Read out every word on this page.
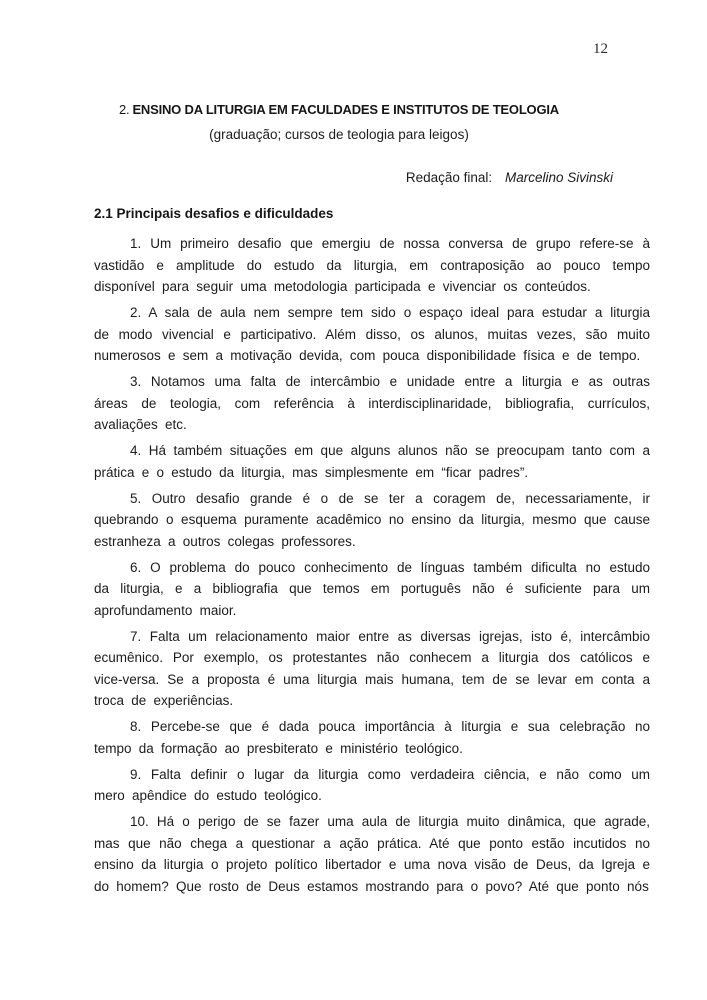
12
2. ENSINO DA LITURGIA EM FACULDADES E INSTITUTOS DE TEOLOGIA
(graduação; cursos de teologia para leigos)
Redação final: Marcelino Sivinski
2.1 Principais desafios e dificuldades

1. Um primeiro desafio que emergiu de nossa conversa de grupo refere-se à vastidão e amplitude do estudo da liturgia, em contraposição ao pouco tempo disponível para seguir uma metodologia participada e vivenciar os conteúdos.

2. A sala de aula nem sempre tem sido o espaço ideal para estudar a liturgia de modo vivencial e participativo. Além disso, os alunos, muitas vezes, são muito numerosos e sem a motivação devida, com pouca disponibilidade física e de tempo.

3. Notamos uma falta de intercâmbio e unidade entre a liturgia e as outras áreas de teologia, com referência à interdisciplinaridade, bibliografia, currículos, avaliações etc.

4. Há também situações em que alguns alunos não se preocupam tanto com a prática e o estudo da liturgia, mas simplesmente em “ficar padres”.

5. Outro desafio grande é o de se ter a coragem de, necessariamente, ir quebrando o esquema puramente acadêmico no ensino da liturgia, mesmo que cause estranheza a outros colegas professores.

6. O problema do pouco conhecimento de línguas também dificulta no estudo da liturgia, e a bibliografia que temos em português não é suficiente para um aprofundamento maior.

7. Falta um relacionamento maior entre as diversas igrejas, isto é, intercâmbio ecumênico. Por exemplo, os protestantes não conhecem a liturgia dos católicos e vice-versa. Se a proposta é uma liturgia mais humana, tem de se levar em conta a troca de experiências.

8. Percebe-se que é dada pouca importância à liturgia e sua celebração no tempo da formação ao presbiterato e ministério teológico.

9. Falta definir o lugar da liturgia como verdadeira ciência, e não como um mero apêndice do estudo teológico.

10. Há o perigo de se fazer uma aula de liturgia muito dinâmica, que agrade, mas que não chega a questionar a ação prática. Até que ponto estão incutidos no ensino da liturgia o projeto político libertador e uma nova visão de Deus, da Igreja e do homem? Que rosto de Deus estamos mostrando para o povo? Até que ponto nós
